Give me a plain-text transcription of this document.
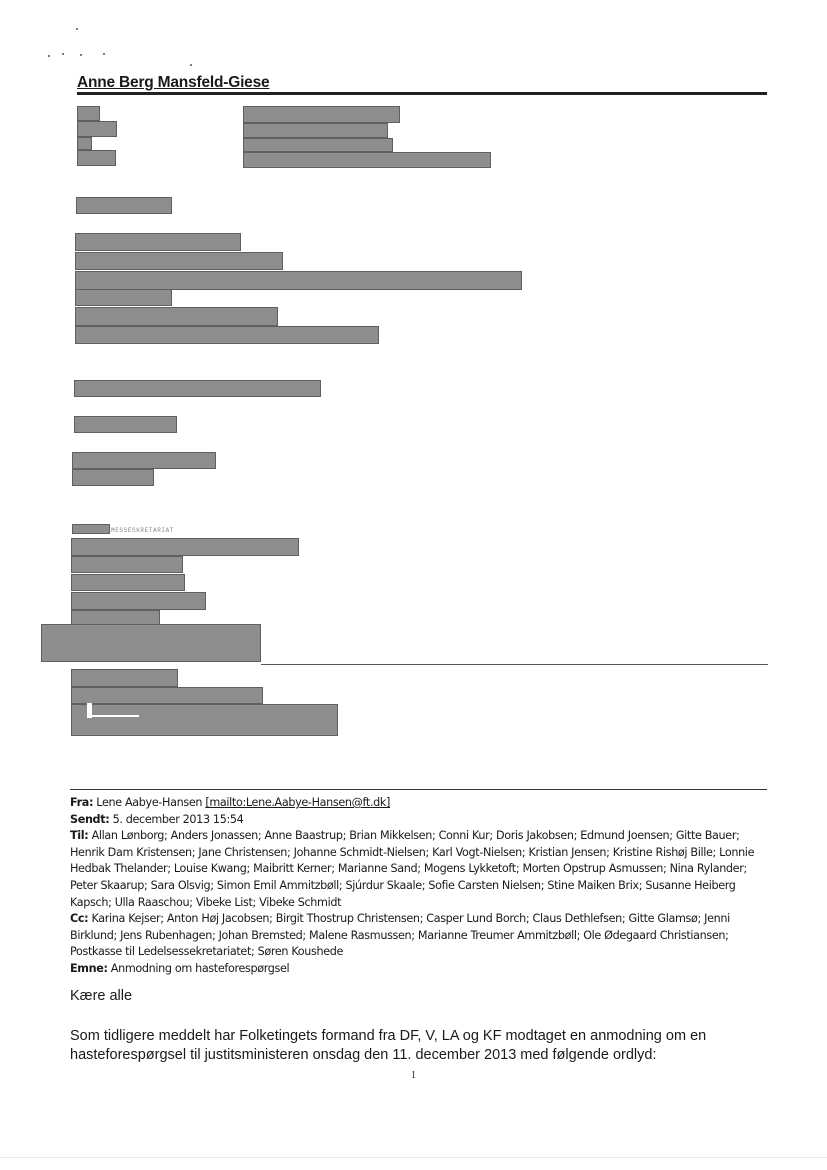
Anne Berg Mansfeld-Giese
MESSESKRETARIAT

Fra: Lene Aabye-Hansen [mailto:Lene.Aabye-Hansen@ft.dk]

Sendt: 5. december 2013 15:54

Til: Allan Lønborg; Anders Jonassen; Anne Baastrup; Brian Mikkelsen; Conni Kur; Doris Jakobsen; Edmund Joensen; Gitte Bauer; Henrik Dam Kristensen; Jane Christensen; Johanne Schmidt-Nielsen; Karl Vogt-Nielsen; Kristian Jensen; Kristine Rishøj Bille; Lonnie Hedbak Thelander; Louise Kwang; Maibritt Kerner; Marianne Sand; Mogens Lykketoft; Morten Opstrup Asmussen; Nina Rylander; Peter Skaarup; Sara Olsvig; Simon Emil Ammitzbøll; Sjúrdur Skaale; Sofie Carsten Nielsen; Stine Maiken Brix; Susanne Heiberg Kapsch; Ulla Raaschou; Vibeke List; Vibeke Schmidt

Cc: Karina Kejser; Anton Høj Jacobsen; Birgit Thostrup Christensen; Casper Lund Borch; Claus Dethlefsen; Gitte Glamsø; Jenni Birklund; Jens Rubenhagen; Johan Bremsted; Malene Rasmussen; Marianne Treumer Ammitzbøll; Ole Ødegaard Christiansen; Postkasse til Ledelsessekretariatet; Søren Koushede

Emne: Anmodning om hasteforespørgsel

Kære alle
Som tidligere meddelt har Folketingets formand fra DF, V, LA og KF modtaget en anmodning om en hasteforespørgsel til justitsministeren onsdag den 11. december 2013 med følgende ordlyd:
1
